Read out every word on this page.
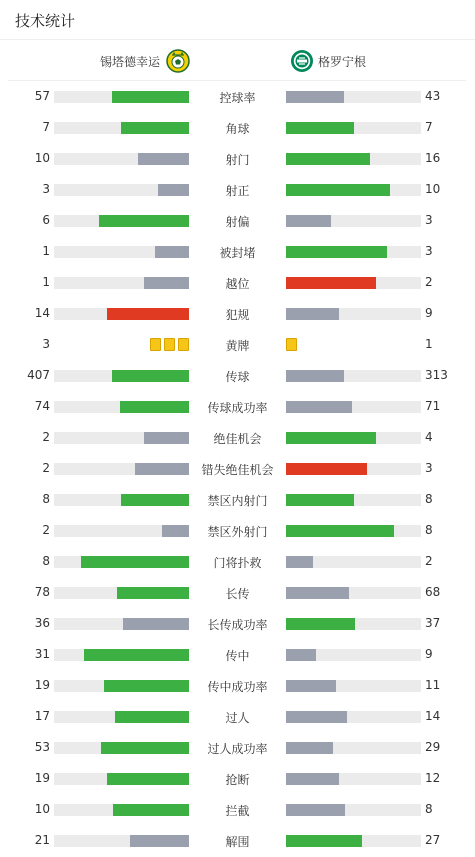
技术统计
锡塔德幸运	格罗宁根
57	控球率	43
7	角球	7
10	射门	16
3	射正	10
6	射偏	3
1	被封堵	3
1	越位	2
14	犯规	9
3	黄牌	1
407	传球	313
74	传球成功率	71
2	绝佳机会	4
2	错失绝佳机会	3
8	禁区内射门	8
2	禁区外射门	8
8	门将扑救	2
78	长传	68
36	长传成功率	37
31	传中	9
19	传中成功率	11
17	过人	14
53	过人成功率	29
19	抢断	12
10	拦截	8
21	解围	27
